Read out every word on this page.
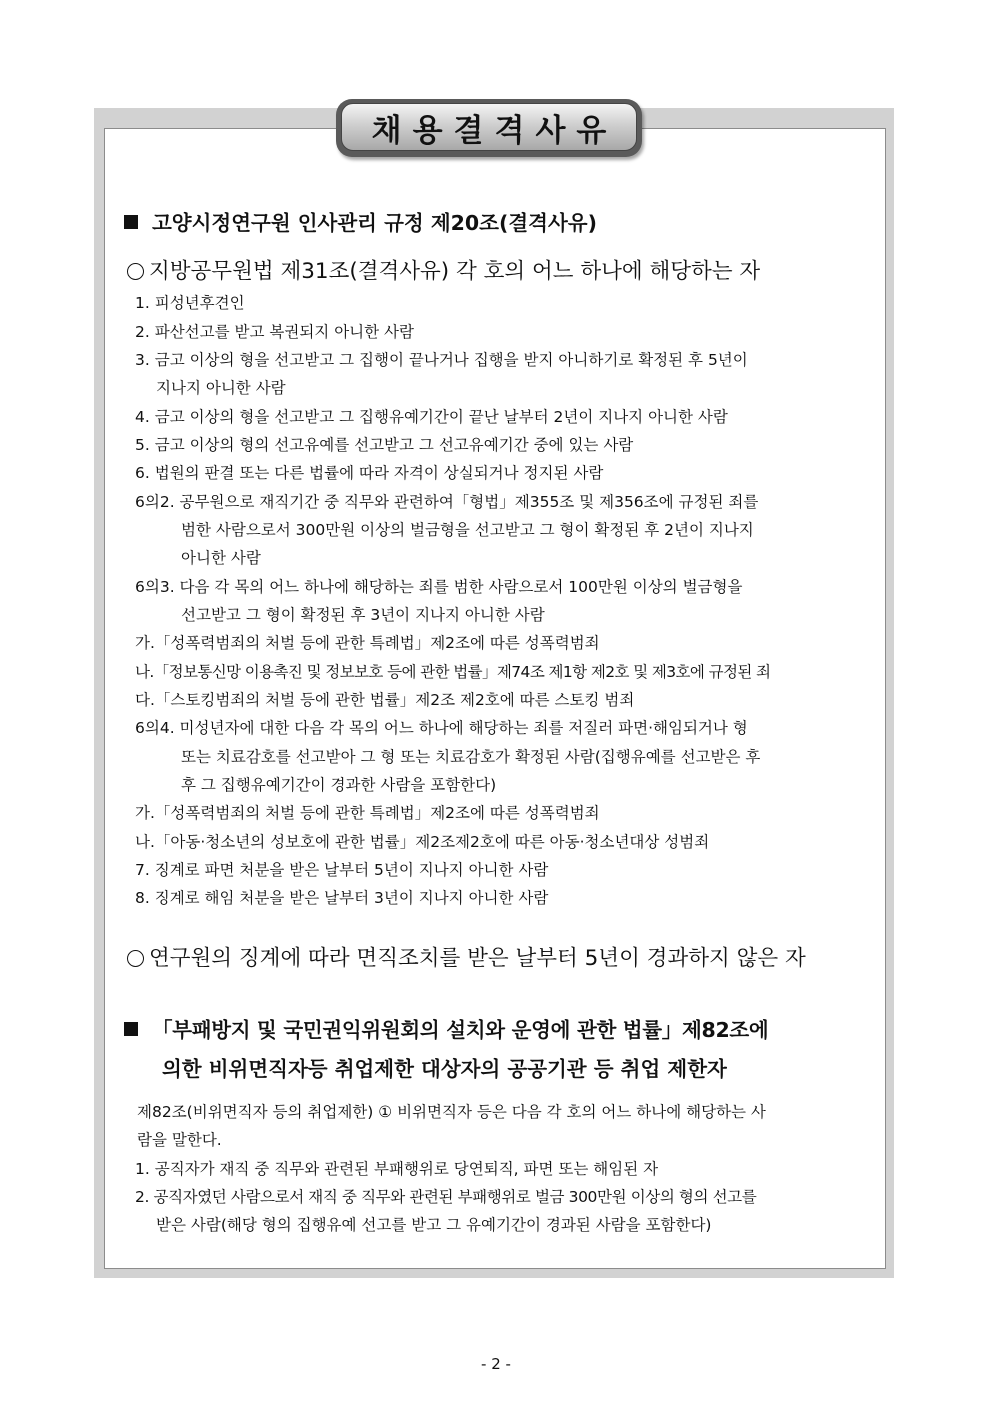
채용결격사유
고양시정연구원 인사관리 규정 제20조(결격사유)
지방공무원법 제31조(결격사유) 각 호의 어느 하나에 해당하는 자
1. 피성년후견인
2. 파산선고를 받고 복권되지 아니한 사람
3. 금고 이상의 형을 선고받고 그 집행이 끝나거나 집행을 받지 아니하기로 확정된 후 5년이
지나지 아니한 사람
4. 금고 이상의 형을 선고받고 그 집행유예기간이 끝난 날부터 2년이 지나지 아니한 사람
5. 금고 이상의 형의 선고유예를 선고받고 그 선고유예기간 중에 있는 사람
6. 법원의 판결 또는 다른 법률에 따라 자격이 상실되거나 정지된 사람
6의2. 공무원으로 재직기간 중 직무와 관련하여「형법」제355조 및 제356조에 규정된 죄를
범한 사람으로서 300만원 이상의 벌금형을 선고받고 그 형이 확정된 후 2년이 지나지
아니한 사람
6의3. 다음 각 목의 어느 하나에 해당하는 죄를 범한 사람으로서 100만원 이상의 벌금형을
선고받고 그 형이 확정된 후 3년이 지나지 아니한 사람
가.「성폭력범죄의 처벌 등에 관한 특례법」제2조에 따른 성폭력범죄
나.「정보통신망 이용촉진 및 정보보호 등에 관한 법률」제74조 제1항 제2호 및 제3호에 규정된 죄
다.「스토킹범죄의 처벌 등에 관한 법률」제2조 제2호에 따른 스토킹 범죄
6의4. 미성년자에 대한 다음 각 목의 어느 하나에 해당하는 죄를 저질러 파면·해임되거나 형
또는 치료감호를 선고받아 그 형 또는 치료감호가 확정된 사람(집행유예를 선고받은 후
후 그 집행유예기간이 경과한 사람을 포함한다)
가.「성폭력범죄의 처벌 등에 관한 특례법」제2조에 따른 성폭력범죄
나.「아동·청소년의 성보호에 관한 법률」제2조제2호에 따른 아동·청소년대상 성범죄
7. 징계로 파면 처분을 받은 날부터 5년이 지나지 아니한 사람
8. 징계로 해임 처분을 받은 날부터 3년이 지나지 아니한 사람
연구원의 징계에 따라 면직조치를 받은 날부터 5년이 경과하지 않은 자
「부패방지 및 국민권익위원회의 설치와 운영에 관한 법률」제82조에
의한 비위면직자등 취업제한 대상자의 공공기관 등 취업 제한자
제82조(비위면직자 등의 취업제한) ① 비위면직자 등은 다음 각 호의 어느 하나에 해당하는 사
람을 말한다.
1. 공직자가 재직 중 직무와 관련된 부패행위로 당연퇴직, 파면 또는 해임된 자
2. 공직자였던 사람으로서 재직 중 직무와 관련된 부패행위로 벌금 300만원 이상의 형의 선고를
받은 사람(해당 형의 집행유예 선고를 받고 그 유예기간이 경과된 사람을 포함한다)
- 2 -
